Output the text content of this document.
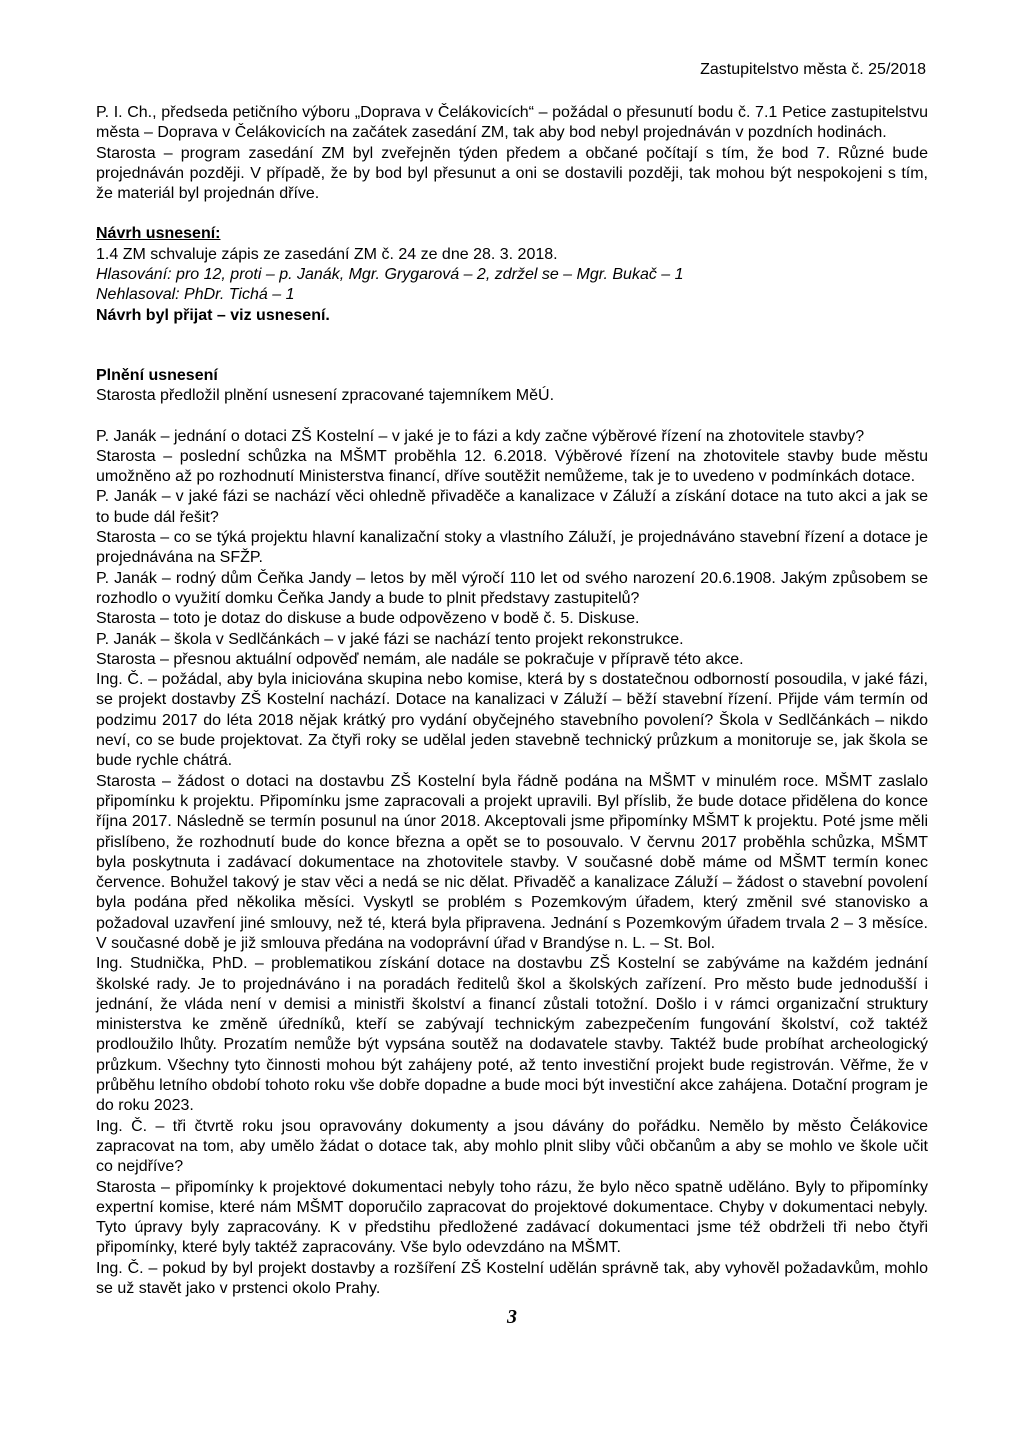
Zastupitelstvo města č. 25/2018

P. I. Ch., předseda petičního výboru „Doprava v Čelákovicích“ – požádal o přesunutí bodu č. 7.1 Petice zastupitelstvu města – Doprava v Čelákovicích na začátek zasedání ZM, tak aby bod nebyl projednáván v pozdních hodinách.

Starosta – program zasedání ZM byl zveřejněn týden předem a občané počítají s tím, že bod 7. Různé bude projednáván později. V případě, že by bod byl přesunut a oni se dostavili později, tak mohou být nespokojeni s tím, že materiál byl projednán dříve.

Návrh usnesení:

1.4 ZM schvaluje zápis ze zasedání ZM č. 24 ze dne 28. 3. 2018.

Hlasování: pro 12, proti – p. Janák, Mgr. Grygarová – 2, zdržel se – Mgr. Bukač – 1

Nehlasoval: PhDr. Tichá – 1

Návrh byl přijat – viz usnesení.

Plnění usnesení

Starosta předložil plnění usnesení zpracované tajemníkem MěÚ.

P. Janák – jednání o dotaci ZŠ Kostelní – v jaké je to fázi a kdy začne výběrové řízení na zhotovitele stavby?

Starosta – poslední schůzka na MŠMT proběhla 12. 6.2018. Výběrové řízení na zhotovitele stavby bude městu umožněno až po rozhodnutí Ministerstva financí, dříve soutěžit nemůžeme, tak je to uvedeno v podmínkách dotace.

P. Janák – v jaké fázi se nachází věci ohledně přivaděče a kanalizace v Záluží a získání dotace na tuto akci a jak se to bude dál řešit?

Starosta – co se týká projektu hlavní kanalizační stoky a vlastního Záluží, je projednáváno stavební řízení a dotace je projednávána na SFŽP.

P. Janák – rodný dům Čeňka Jandy – letos by měl výročí 110 let od svého narození 20.6.1908. Jakým způsobem se rozhodlo o využití domku Čeňka Jandy a bude to plnit představy zastupitelů?

Starosta – toto je dotaz do diskuse a bude odpovězeno v bodě č. 5. Diskuse.

P. Janák – škola v Sedlčánkách – v jaké fázi se nachází tento projekt rekonstrukce.

Starosta – přesnou aktuální odpověď nemám, ale nadále se pokračuje v přípravě této akce.

Ing. Č. – požádal, aby byla iniciována skupina nebo komise, která by s dostatečnou odborností posoudila, v jaké fázi, se projekt dostavby ZŠ Kostelní nachází. Dotace na kanalizaci v Záluží – běží stavební řízení. Přijde vám termín od podzimu 2017 do léta 2018 nějak krátký pro vydání obyčejného stavebního povolení? Škola v Sedlčánkách – nikdo neví, co se bude projektovat. Za čtyři roky se udělal jeden stavebně technický průzkum a monitoruje se, jak škola se bude rychle chátrá.

Starosta – žádost o dotaci na dostavbu ZŠ Kostelní byla řádně podána na MŠMT v minulém roce. MŠMT zaslalo připomínku k projektu. Připomínku jsme zapracovali a projekt upravili. Byl příslib, že bude dotace přidělena do konce října 2017. Následně se termín posunul na únor 2018. Akceptovali jsme připomínky MŠMT k projektu. Poté jsme měli přislíbeno, že rozhodnutí bude do konce března a opět se to posouvalo. V červnu 2017 proběhla schůzka, MŠMT byla poskytnuta i zadávací dokumentace na zhotovitele stavby. V současné době máme od MŠMT termín konec července. Bohužel takový je stav věci a nedá se nic dělat. Přivaděč a kanalizace Záluží – žádost o stavební povolení byla podána před několika měsíci. Vyskytl se problém s Pozemkovým úřadem, který změnil své stanovisko a požadoval uzavření jiné smlouvy, než té, která byla připravena. Jednání s Pozemkovým úřadem trvala 2 – 3 měsíce. V současné době je již smlouva předána na vodoprávní úřad v Brandýse n. L. – St. Bol.

Ing. Studnička, PhD. – problematikou získání dotace na dostavbu ZŠ Kostelní se zabýváme na každém jednání školské rady. Je to projednáváno i na poradách ředitelů škol a školských zařízení. Pro město bude jednodušší i jednání, že vláda není v demisi a ministři školství a financí zůstali totožní. Došlo i v rámci organizační struktury ministerstva ke změně úředníků, kteří se zabývají technickým zabezpečením fungování školství, což taktéž prodloužilo lhůty. Prozatím nemůže být vypsána soutěž na dodavatele stavby. Taktéž bude probíhat archeologický průzkum. Všechny tyto činnosti mohou být zahájeny poté, až tento investiční projekt bude registrován. Věřme, že v průběhu letního období tohoto roku vše dobře dopadne a bude moci být investiční akce zahájena. Dotační program je do roku 2023.

Ing. Č. – tři čtvrtě roku jsou opravovány dokumenty a jsou dávány do pořádku. Nemělo by město Čelákovice zapracovat na tom, aby umělo žádat o dotace tak, aby mohlo plnit sliby vůči občanům a aby se mohlo ve škole učit co nejdříve?

Starosta – připomínky k projektové dokumentaci nebyly toho rázu, že bylo něco spatně uděláno. Byly to připomínky expertní komise, které nám MŠMT doporučilo zapracovat do projektové dokumentace. Chyby v dokumentaci nebyly. Tyto úpravy byly zapracovány. K v předstihu předložené zadávací dokumentaci jsme též obdrželi tři nebo čtyři připomínky, které byly taktéž zapracovány. Vše bylo odevzdáno na MŠMT.

Ing. Č. – pokud by byl projekt dostavby a rozšíření ZŠ Kostelní udělán správně tak, aby vyhověl požadavkům, mohlo se už stavět jako v prstenci okolo Prahy.

3
